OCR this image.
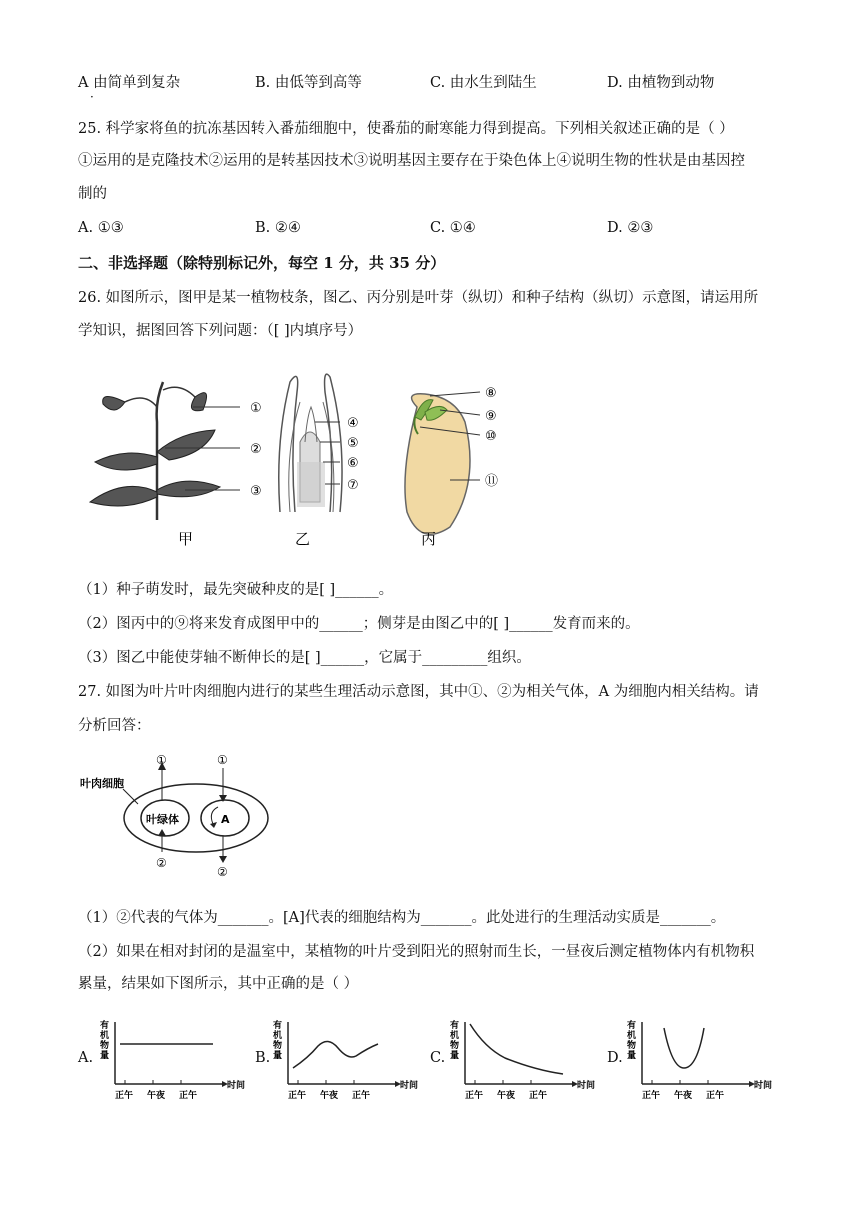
A 由简单到复杂
·
B. 由低等到高等	C. 由水生到陆生	D. 由植物到动物
25. 科学家将鱼的抗冻基因转入番茄细胞中，使番茄的耐寒能力得到提高。下列相关叙述正确的是（ ）
①运用的是克隆技术②运用的是转基因技术③说明基因主要存在于染色体上④说明生物的性状是由基因控
制的
A. ①③	B. ②④	C. ①④	D. ②③
二、非选择题（除特别标记外，每空 1 分，共 35 分）
26. 如图所示，图甲是某一植物枝条，图乙、丙分别是叶芽（纵切）和种子结构（纵切）示意图，请运用所
学知识，据图回答下列问题：（[ ]内填序号）
①
②
③
④
⑤
⑥
⑦
⑧
⑨
⑩
⑪
甲	乙	丙
（1）种子萌发时，最先突破种皮的是[ ]______。
（2）图丙中的⑨将来发育成图甲中的______；侧芽是由图乙中的[ ]______发育而来的。
（3）图乙中能使芽轴不断伸长的是[ ]______，它属于_________组织。
27. 如图为叶片叶肉细胞内进行的某些生理活动示意图，其中①、②为相关气体，A 为细胞内相关结构。请
分析回答：
叶肉细胞
叶绿体	A
①	①
②
②
（1）②代表的气体为_______。[A]代表的细胞结构为_______。此处进行的生理活动实质是_______。
（2）如果在相对封闭的是温室中，某植物的叶片受到阳光的照射而生长，一昼夜后测定植物体内有机物积
累量，结果如下图所示，其中正确的是（ ）
A.	B.	C.	D.
有
机
物
量
时间
正午 午夜 正午
有
机
物
量
时间
正午 午夜 正午
有
机
物
量
时间
正午 午夜 正午
有
机
物
量
时间
正午 午夜 正午
